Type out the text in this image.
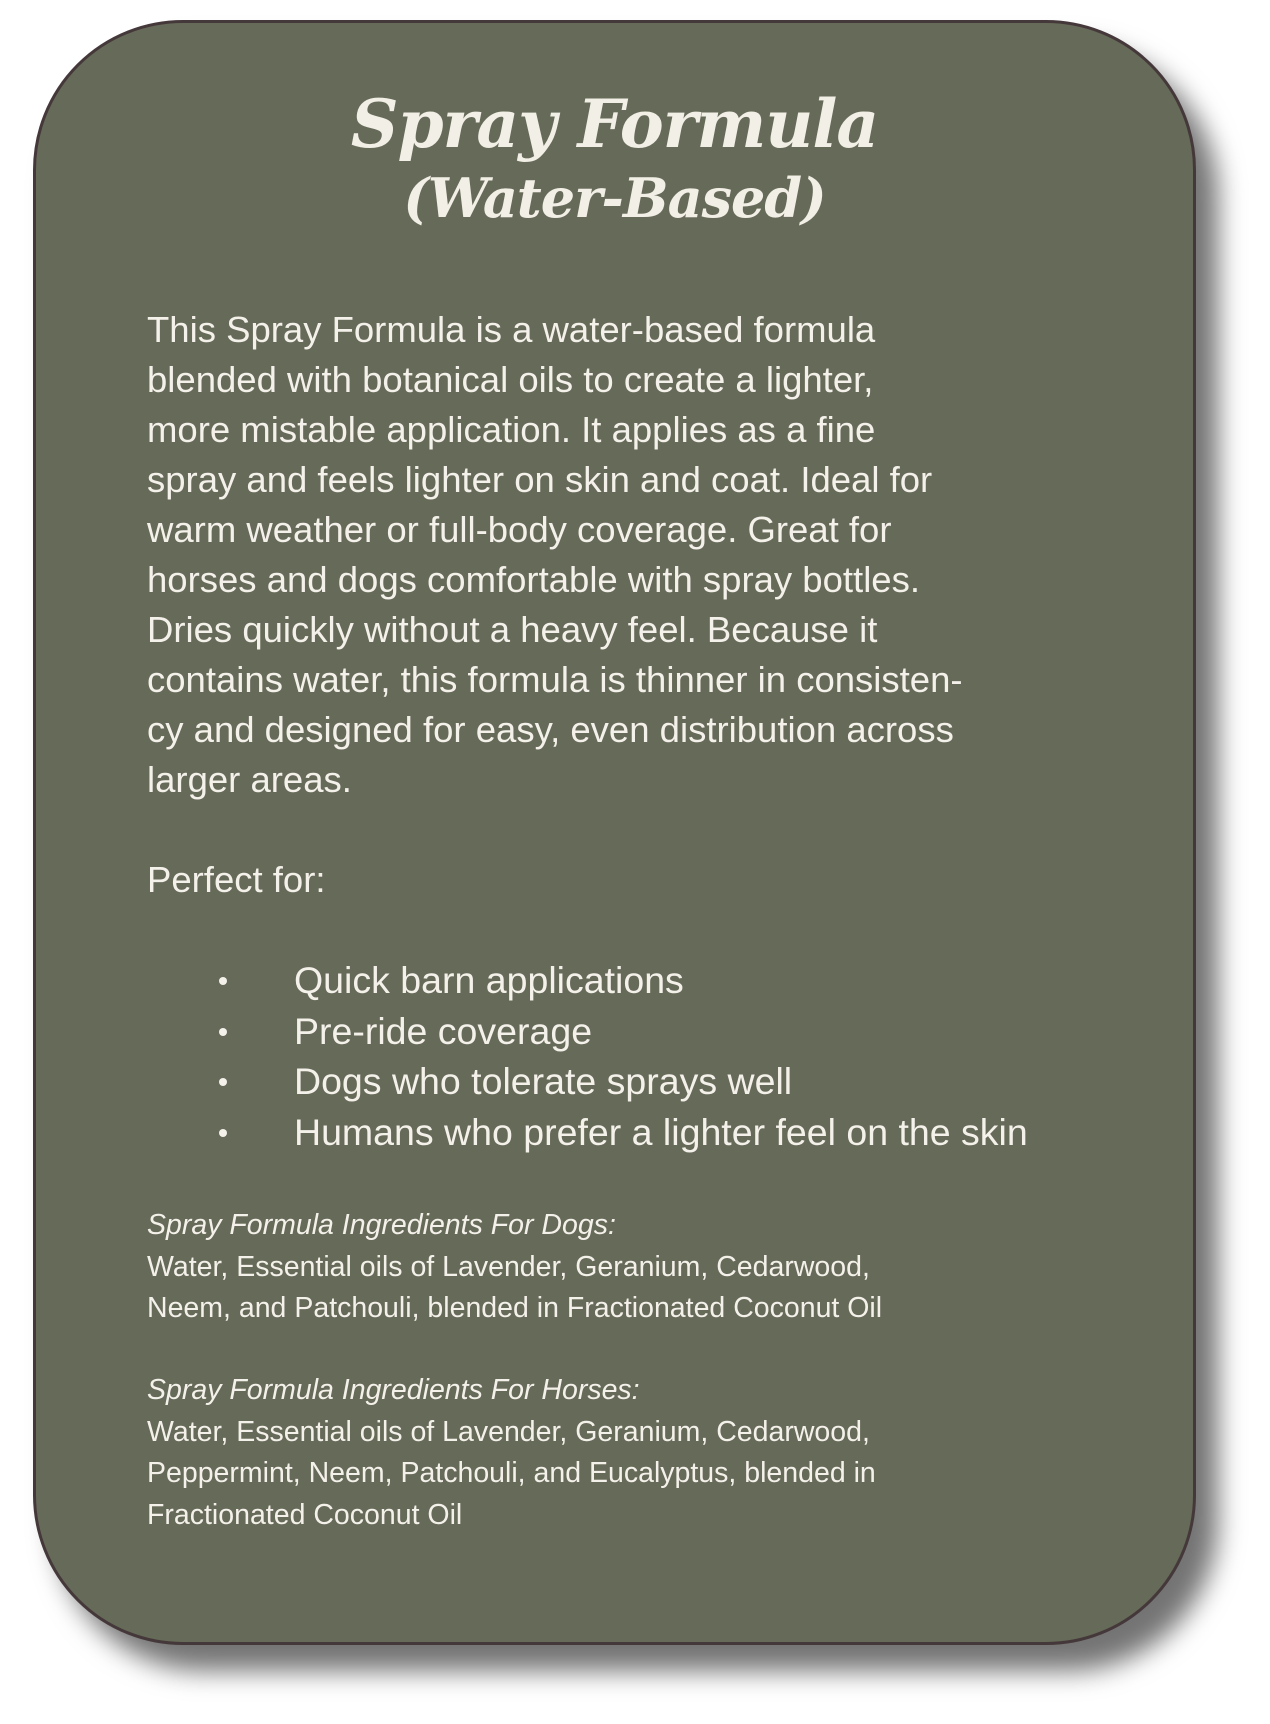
Spray Formula
(Water-Based)

This Spray Formula is a water-based formula
blended with botanical oils to create a lighter,
more mistable application. It applies as a fine
spray and feels lighter on skin and coat. Ideal for
warm weather or full-body coverage. Great for
horses and dogs comfortable with spray bottles.
Dries quickly without a heavy feel. Because it
contains water, this formula is thinner in consisten-
cy and designed for easy, even distribution across
larger areas.

Perfect for:

Quick barn applications
Pre-ride coverage
Dogs who tolerate sprays well
Humans who prefer a lighter feel on the skin
Spray Formula Ingredients For Dogs:
Water, Essential oils of Lavender, Geranium, Cedarwood,
Neem, and Patchouli, blended in Fractionated Coconut Oil
Spray Formula Ingredients For Horses:
Water, Essential oils of Lavender, Geranium, Cedarwood,
Peppermint, Neem, Patchouli, and Eucalyptus, blended in
Fractionated Coconut Oil
